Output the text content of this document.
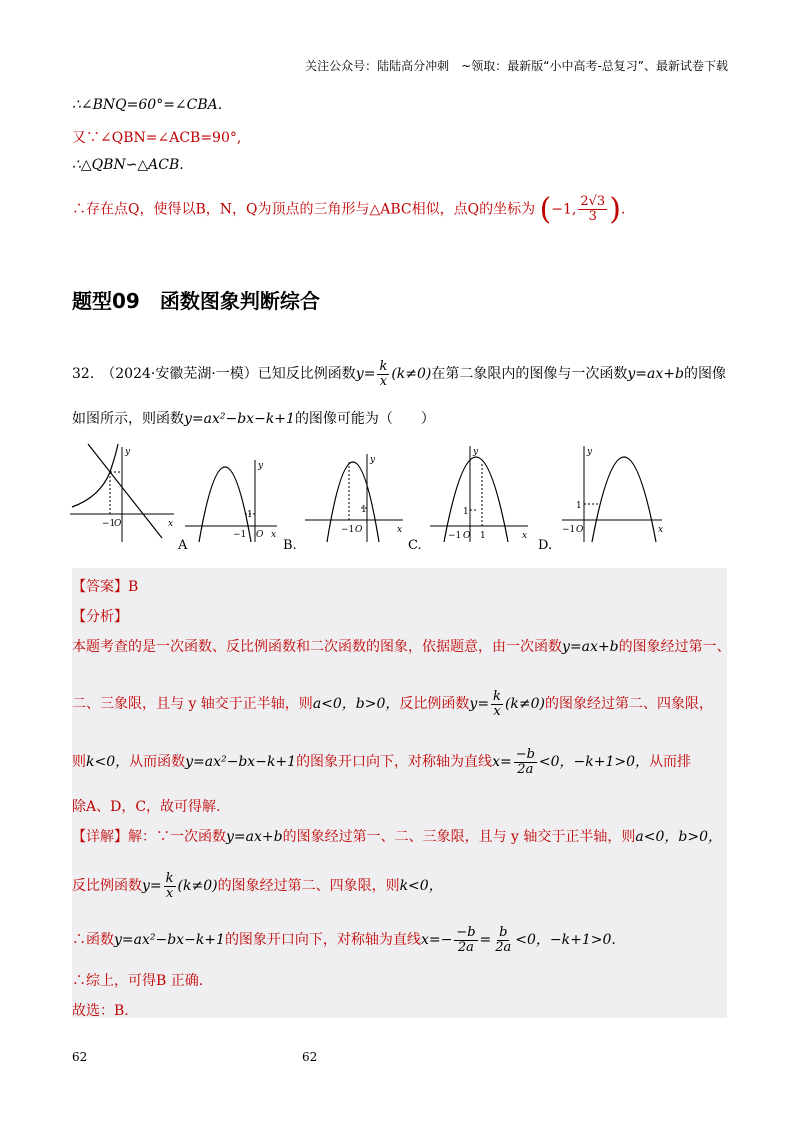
关注公众号：陆陆高分冲刺　~领取：最新版“小中高考-总复习”、最新试卷下载
∴∠BNQ=60°=∠CBA.
又∵∠QBN=∠ACB=90°,
∴△QBN∽△ACB.
∴存在点Q，使得以B，N，Q为顶点的三角形与△ABC相似，点Q的坐标为 (−1, $\frac{2√3}{3}$ ).
题型09　函数图象判断综合
32.　（2024·安徽芜湖·一模）已知反比例函数$y= \frac{k}{x} (k\ne 0)$在第二象限内的图像与一次函数y=ax+b的图像
如图所示，则函数y=ax²−bx−k+1的图像可能为（　　）
y
x
−1
O
A
y
x
1
−1 O
B.
y
x
1
−1 O
C.
y
x
1
−1 O 1
D.
y
x
1
−1 O
【答案】B
【分析】
本题考查的是一次函数、反比例函数和二次函数的图象，依据题意，由一次函数y=ax+b的图象经过第一、
二、三象限，且与 y 轴交于正半轴，则a<0，b>0，反比例函数$y= \frac{k}{x} (k\ne 0)$的图象经过第二、四象限，
则k<0，从而函数y=ax²−bx−k+1的图象开口向下，对称轴为直线$x= \frac{-b}{2a} <0$，−k+1>0，从而排
除A、D，C，故可得解.
【详解】解：∵一次函数y=ax+b的图象经过第一、二、三象限，且与 y 轴交于正半轴，则a<0，b>0，
反比例函数$y= \frac{k}{x} (k\ne 0)$的图象经过第二、四象限，则k<0，
∴函数y=ax²−bx−k+1的图象开口向下，对称轴为直线$x=- \frac{-b}{2a} = \frac{b}{2a} <0$，−k+1>0.
∴综上，可得B 正确.
故选：B.
62	62
